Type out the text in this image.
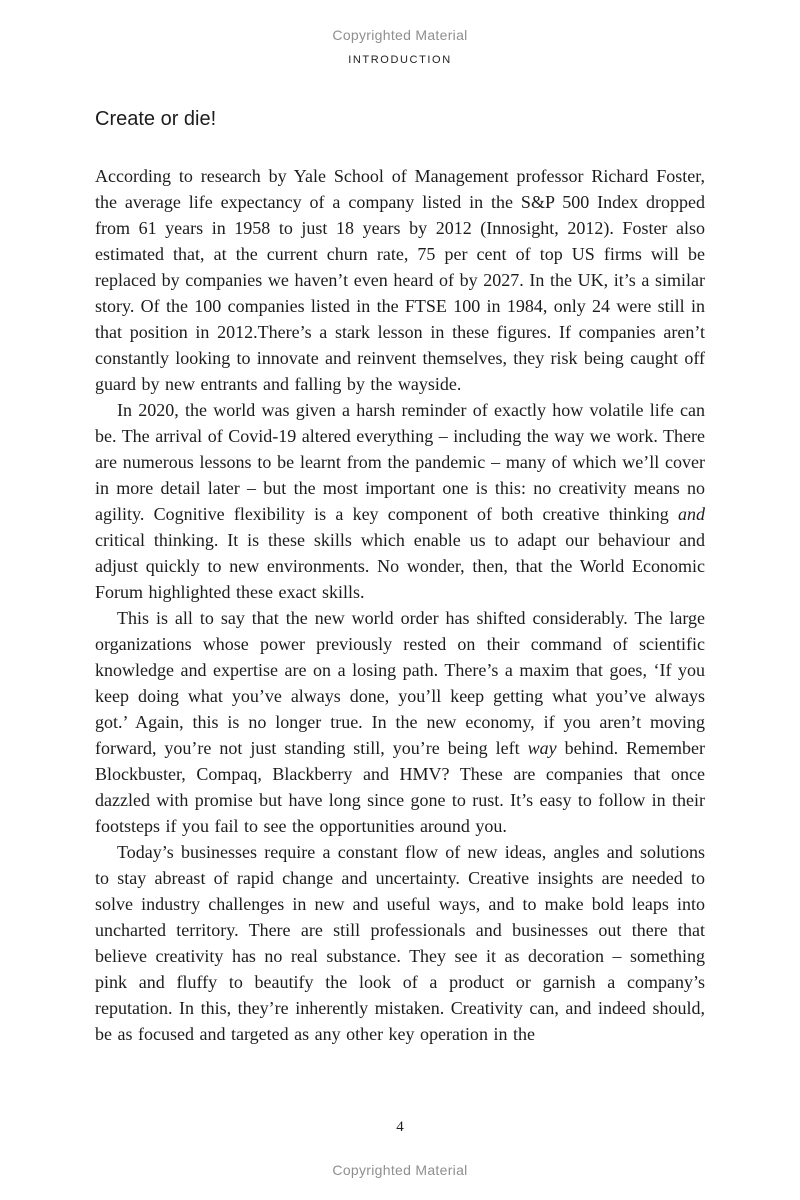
Copyrighted Material
INTRODUCTION
Create or die!

According to research by Yale School of Management professor Richard Foster, the average life expectancy of a company listed in the S&P 500 Index dropped from 61 years in 1958 to just 18 years by 2012 (Innosight, 2012). Foster also estimated that, at the current churn rate, 75 per cent of top US firms will be replaced by companies we haven’t even heard of by 2027. In the UK, it’s a similar story. Of the 100 companies listed in the FTSE 100 in 1984, only 24 were still in that position in 2012.There’s a stark lesson in these figures. If companies aren’t constantly looking to innovate and reinvent themselves, they risk being caught off guard by new entrants and falling by the wayside.

In 2020, the world was given a harsh reminder of exactly how volatile life can be. The arrival of Covid-19 altered everything – including the way we work. There are numerous lessons to be learnt from the pandemic – many of which we’ll cover in more detail later – but the most important one is this: no creativity means no agility. Cognitive flexibility is a key component of both creative thinking and critical thinking. It is these skills which enable us to adapt our behaviour and adjust quickly to new environments. No wonder, then, that the World Economic Forum highlighted these exact skills.

This is all to say that the new world order has shifted considerably. The large organizations whose power previously rested on their command of scientific knowledge and expertise are on a losing path. There’s a maxim that goes, ‘If you keep doing what you’ve always done, you’ll keep getting what you’ve always got.’ Again, this is no longer true. In the new economy, if you aren’t moving forward, you’re not just standing still, you’re being left way behind. Remember Blockbuster, Compaq, Blackberry and HMV? These are companies that once dazzled with promise but have long since gone to rust. It’s easy to follow in their footsteps if you fail to see the opportunities around you.

Today’s businesses require a constant flow of new ideas, angles and solutions to stay abreast of rapid change and uncertainty. Creative insights are needed to solve industry challenges in new and useful ways, and to make bold leaps into uncharted territory. There are still professionals and businesses out there that believe creativity has no real substance. They see it as decoration – something pink and fluffy to beautify the look of a product or garnish a company’s reputation. In this, they’re inherently mistaken. Creativity can, and indeed should, be as focused and targeted as any other key operation in the

4
Copyrighted Material
